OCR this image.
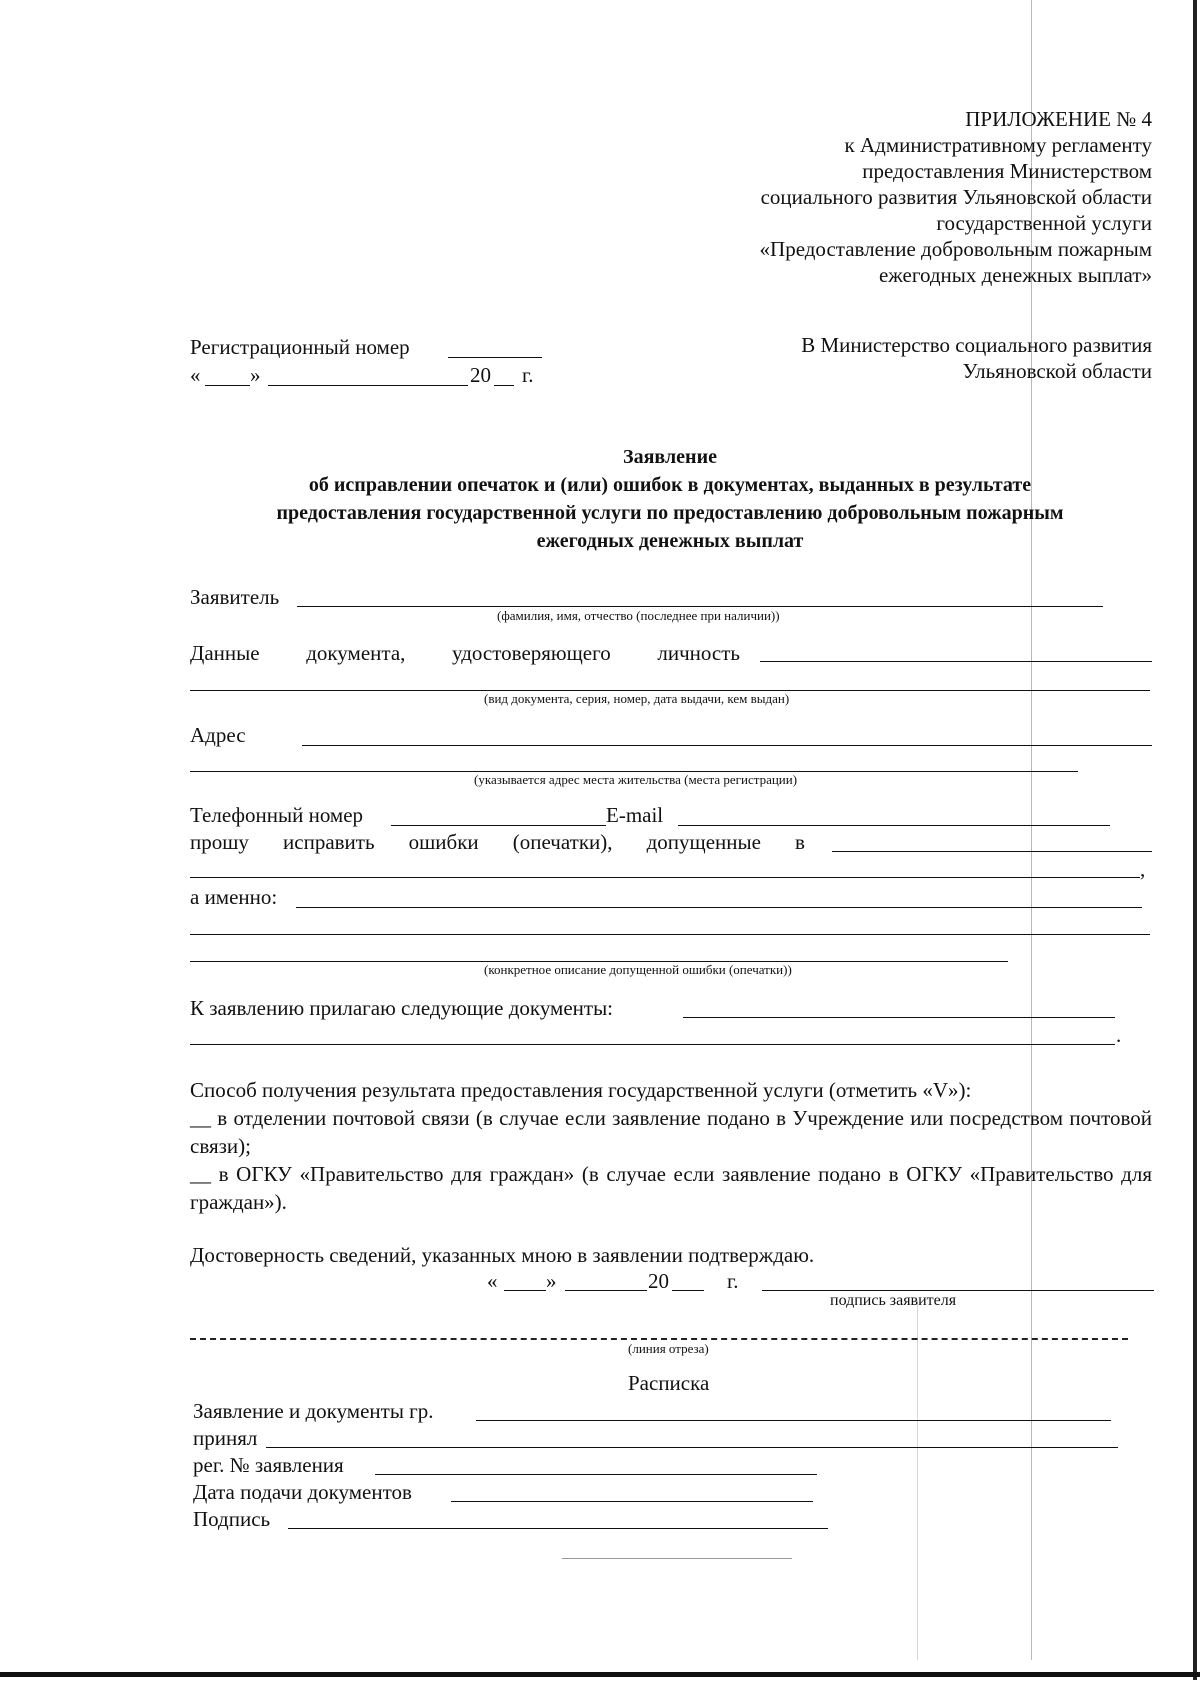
ПРИЛОЖЕНИЕ № 4
к Административному регламенту
предоставления Министерством
социального развития Ульяновской области
государственной услуги
«Предоставление добровольным пожарным
ежегодных денежных выплат»
Регистрационный номер
« »	20 г.
В Министерство социального развития
Ульяновской области
Заявление
об исправлении опечаток и (или) ошибок в документах, выданных в результате
предоставления государственной услуги по предоставлению добровольным пожарным
ежегодных денежных выплат
Заявитель
(фамилия, имя, отчество (последнее при наличии))
Данные документа, удостоверяющего личность
(вид документа, серия, номер, дата выдачи, кем выдан)
Адрес
(указывается адрес места жительства (места регистрации)
Телефонный номер	E-mail
прошу исправить ошибки (опечатки), допущенные в
,
а именно:
(конкретное описание допущенной ошибки (опечатки))
К заявлению прилагаю следующие документы:
.
Способ получения результата предоставления государственной услуги (отметить «V»):
__ в отделении почтовой связи (в случае если заявление подано в Учреждение или посредством почтовой связи);
__ в ОГКУ «Правительство для граждан» (в случае если заявление подано в ОГКУ «Правительство для граждан»).
Достоверность сведений, указанных мною в заявлении подтверждаю.
« »	20	г.
подпись заявителя
(линия отреза)
Расписка
Заявление и документы гр.
принял
рег. № заявления
Дата подачи документов
Подпись
